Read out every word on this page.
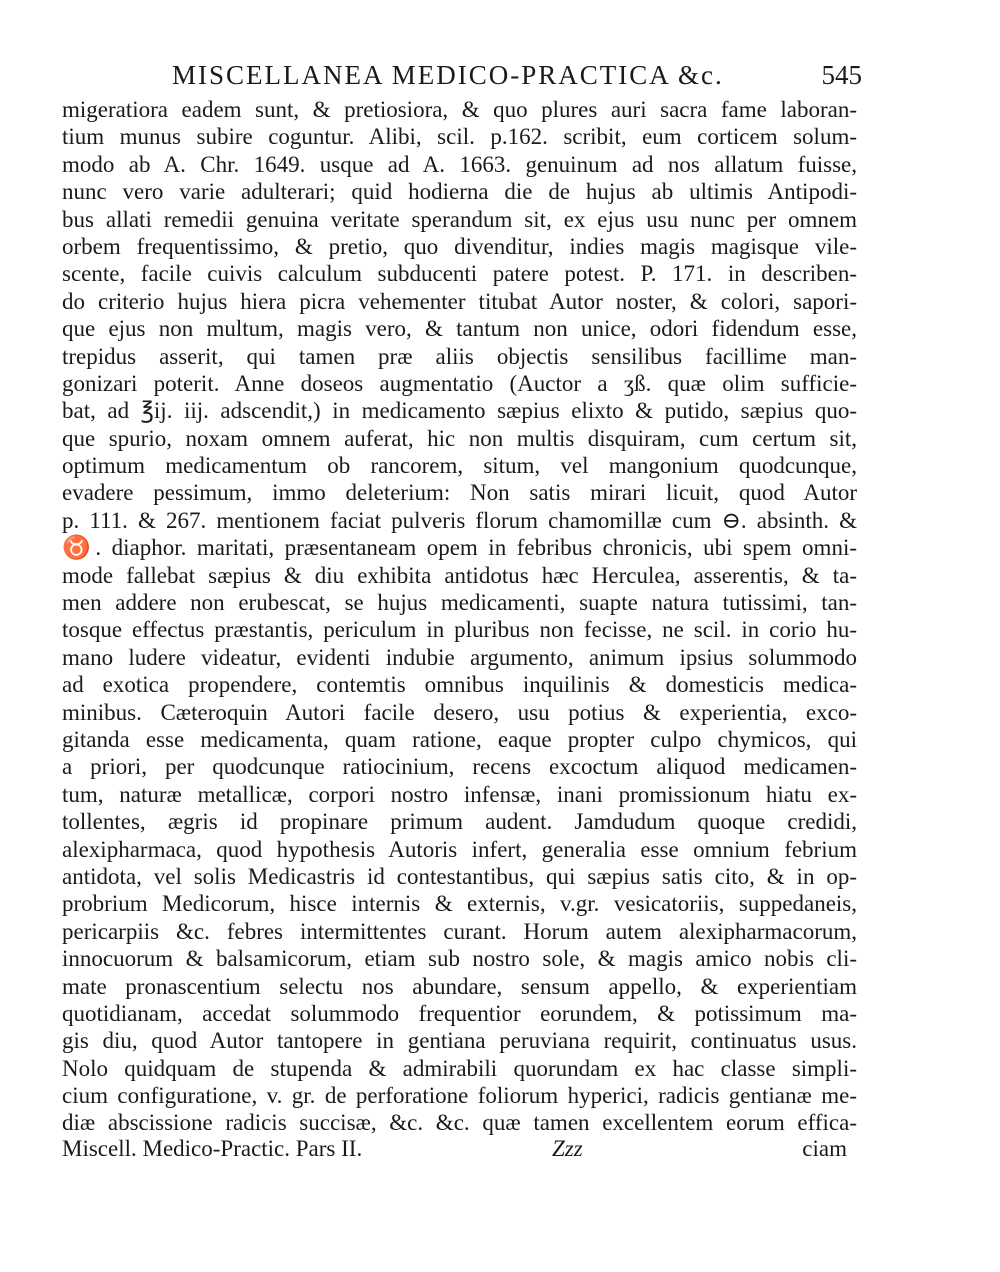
MISCELLANEA MEDICO-PRACTICA &c.	545
migeratiora eadem sunt, & pretiosiora, & quo plures auri sacra fame laboran-
tium munus subire coguntur. Alibi, scil. p.162. scribit, eum corticem solum-
modo ab A. Chr. 1649. usque ad A. 1663. genuinum ad nos allatum fuisse,
nunc vero varie adulterari; quid hodierna die de hujus ab ultimis Antipodi-
bus allati remedii genuina veritate sperandum sit, ex ejus usu nunc per omnem
orbem frequentissimo, & pretio, quo divenditur, indies magis magisque vile-
scente, facile cuivis calculum subducenti patere potest. P. 171. in describen-
do criterio hujus hiera picra vehementer titubat Autor noster, & colori, sapori-
que ejus non multum, magis vero, & tantum non unice, odori fidendum esse,
trepidus asserit, qui tamen præ aliis objectis sensilibus facillime man-
gonizari poterit. Anne doseos augmentatio (Auctor a ʒß. quæ olim sufficie-
bat, ad ℥ij. iij. adscendit,) in medicamento sæpius elixto & putido, sæpius quo-
que spurio, noxam omnem auferat, hic non multis disquiram, cum certum sit,
optimum medicamentum ob rancorem, situm, vel mangonium quodcunque,
evadere pessimum, immo deleterium: Non satis mirari licuit, quod Autor
p. 111. & 267. mentionem faciat pulveris florum chamomillæ cum ⊖. absinth. &
♉. diaphor. maritati, præsentaneam opem in febribus chronicis, ubi spem omni-
mode fallebat sæpius & diu exhibita antidotus hæc Herculea, asserentis, & ta-
men addere non erubescat, se hujus medicamenti, suapte natura tutissimi, tan-
tosque effectus præstantis, periculum in pluribus non fecisse, ne scil. in corio hu-
mano ludere videatur, evidenti indubie argumento, animum ipsius solummodo
ad exotica propendere, contemtis omnibus inquilinis & domesticis medica-
minibus. Cæteroquin Autori facile desero, usu potius & experientia, exco-
gitanda esse medicamenta, quam ratione, eaque propter culpo chymicos, qui
a priori, per quodcunque ratiocinium, recens excoctum aliquod medicamen-
tum, naturæ metallicæ, corpori nostro infensæ, inani promissionum hiatu ex-
tollentes, ægris id propinare primum audent. Jamdudum quoque credidi,
alexipharmaca, quod hypothesis Autoris infert, generalia esse omnium febrium
antidota, vel solis Medicastris id contestantibus, qui sæpius satis cito, & in op-
probrium Medicorum, hisce internis & externis, v.gr. vesicatoriis, suppedaneis,
pericarpiis &c. febres intermittentes curant. Horum autem alexipharmacorum,
innocuorum & balsamicorum, etiam sub nostro sole, & magis amico nobis cli-
mate pronascentium selectu nos abundare, sensum appello, & experientiam
quotidianam, accedat solummodo frequentior eorundem, & potissimum ma-
gis diu, quod Autor tantopere in gentiana peruviana requirit, continuatus usus.
Nolo quidquam de stupenda & admirabili quorundam ex hac classe simpli-
cium configuratione, v. gr. de perforatione foliorum hyperici, radicis gentianæ me-
diæ abscissione radicis succisæ, &c. &c. quæ tamen excellentem eorum effica-
Miscell. Medico-Practic. Pars II.	Zzz	ciam
